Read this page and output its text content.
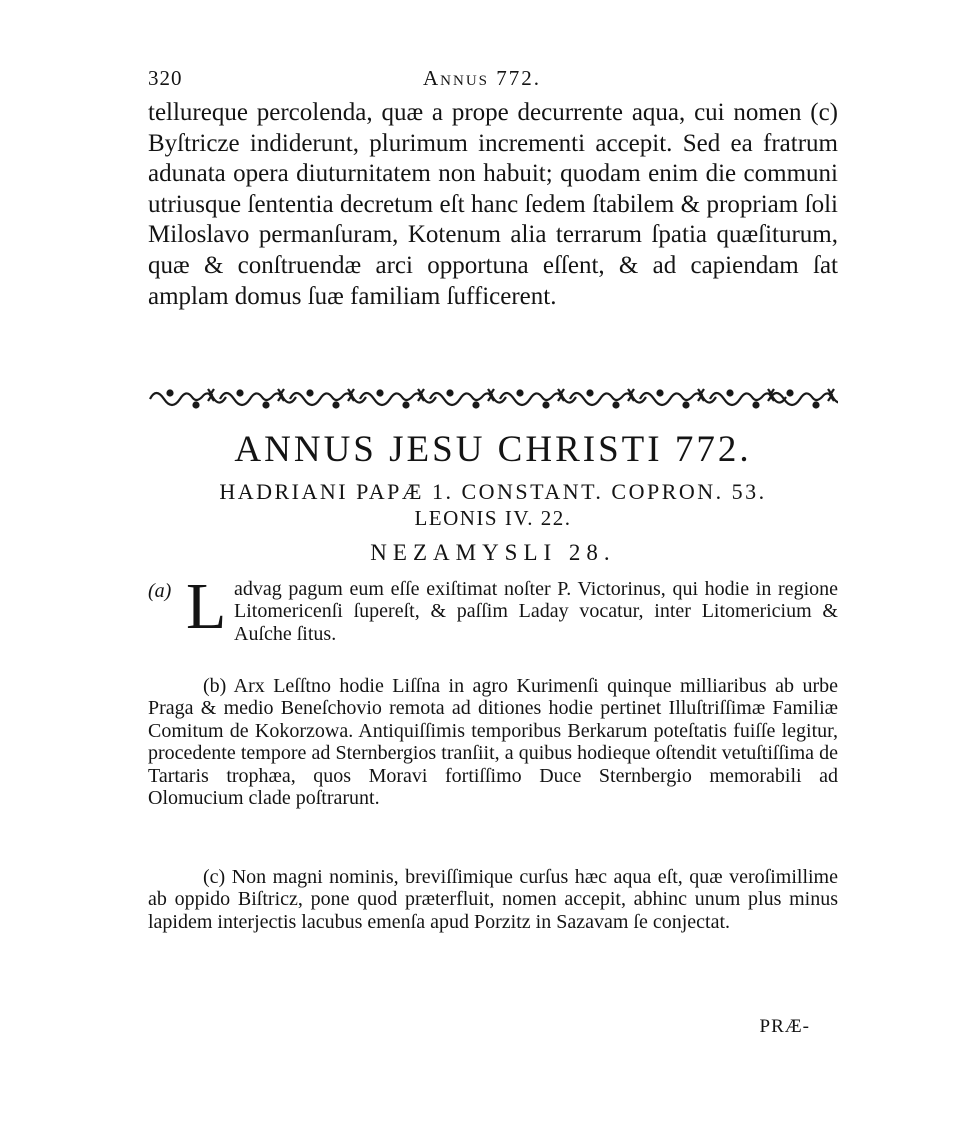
320	Annus 772.

tellureque percolenda, quæ a prope decurrente aqua, cui nomen (c) Byſtricze indiderunt, plurimum incrementi accepit. Sed ea fratrum adunata opera diuturnitatem non habuit; quodam enim die communi utriusque ſententia decretum eſt hanc ſedem ſtabilem & propriam ſoli Miloslavo permanſuram, Kotenum alia terrarum ſpatia quæſiturum, quæ & conſtruendæ arci opportuna eſſent, & ad capiendam ſat amplam domus ſuæ familiam ſufficerent.

ANNUS JESU CHRISTI 772.
HADRIANI PAPÆ 1. CONSTANT. COPRON. 53.
LEONIS IV. 22.
NEZAMYSLI 28.
(a) L advag pagum eum eſſe exiſtimat noſter P. Victorinus, qui hodie in regione Litomericenſi ſupereſt, & paſſim Laday vocatur, inter Litomericium & Auſche ſitus.
(b) Arx Leſſtno hodie Liſſna in agro Kurimenſi quinque milliaribus ab urbe Praga & medio Beneſchovio remota ad ditiones hodie pertinet Illuſtriſſimæ Familiæ Comitum de Kokorzowa. Antiquiſſimis temporibus Berkarum poteſtatis fuiſſe legitur, procedente tempore ad Sternbergios tranſiit, a quibus hodieque oſtendit vetuſtiſſima de Tartaris trophæa, quos Moravi fortiſſimo Duce Sternbergio memorabili ad Olomucium clade poſtrarunt.
(c) Non magni nominis, breviſſimique curſus hæc aqua eſt, quæ veroſimillime ab oppido Biſtricz, pone quod præterfluit, nomen accepit, abhinc unum plus minus lapidem interjectis lacubus emenſa apud Porzitz in Sazavam ſe conjectat.
PRÆ-
